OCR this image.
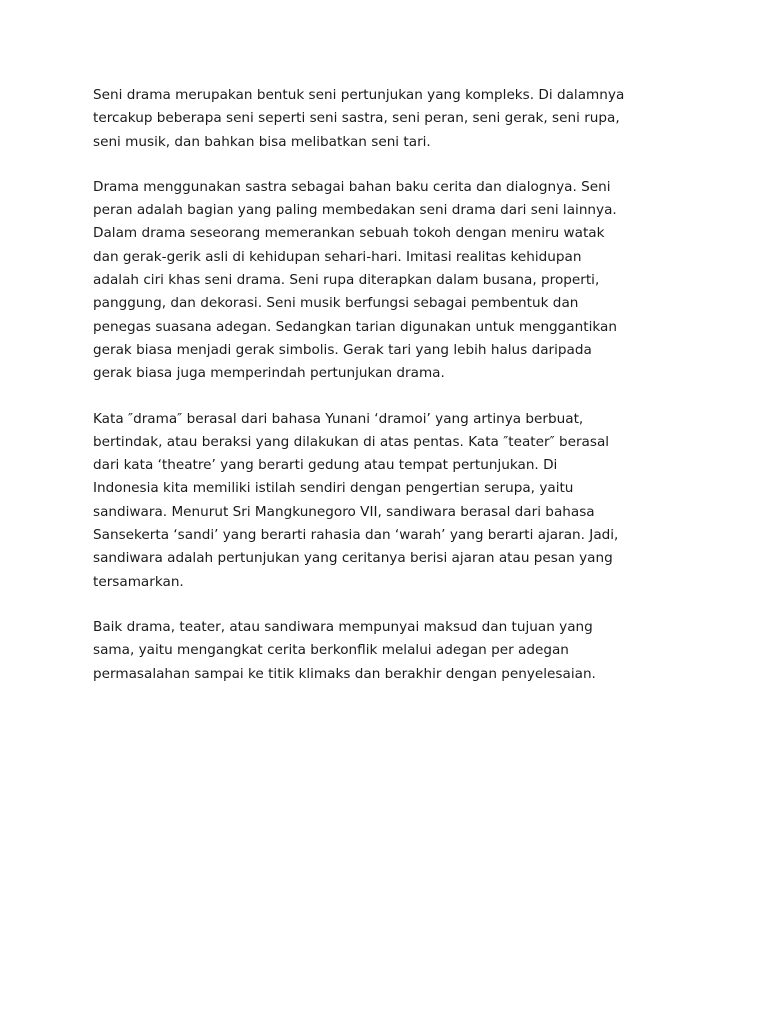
Seni drama merupakan bentuk seni pertunjukan yang kompleks. Di dalamnya
tercakup beberapa seni seperti seni sastra, seni peran, seni gerak, seni rupa,
seni musik, dan bahkan bisa melibatkan seni tari.

Drama menggunakan sastra sebagai bahan baku cerita dan dialognya. Seni
peran adalah bagian yang paling membedakan seni drama dari seni lainnya.
Dalam drama seseorang memerankan sebuah tokoh dengan meniru watak
dan gerak-gerik asli di kehidupan sehari-hari. Imitasi realitas kehidupan
adalah ciri khas seni drama. Seni rupa diterapkan dalam busana, properti,
panggung, dan dekorasi. Seni musik berfungsi sebagai pembentuk dan
penegas suasana adegan. Sedangkan tarian digunakan untuk menggantikan
gerak biasa menjadi gerak simbolis. Gerak tari yang lebih halus daripada
gerak biasa juga memperindah pertunjukan drama.

Kata ″drama″ berasal dari bahasa Yunani ‘dramoi’ yang artinya berbuat,
bertindak, atau beraksi yang dilakukan di atas pentas. Kata ″teater″ berasal
dari kata ‘theatre’ yang berarti gedung atau tempat pertunjukan. Di
Indonesia kita memiliki istilah sendiri dengan pengertian serupa, yaitu
sandiwara. Menurut Sri Mangkunegoro VII, sandiwara berasal dari bahasa
Sansekerta ‘sandi’ yang berarti rahasia dan ‘warah’ yang berarti ajaran. Jadi,
sandiwara adalah pertunjukan yang ceritanya berisi ajaran atau pesan yang
tersamarkan.

Baik drama, teater, atau sandiwara mempunyai maksud dan tujuan yang
sama, yaitu mengangkat cerita berkonflik melalui adegan per adegan
permasalahan sampai ke titik klimaks dan berakhir dengan penyelesaian.
